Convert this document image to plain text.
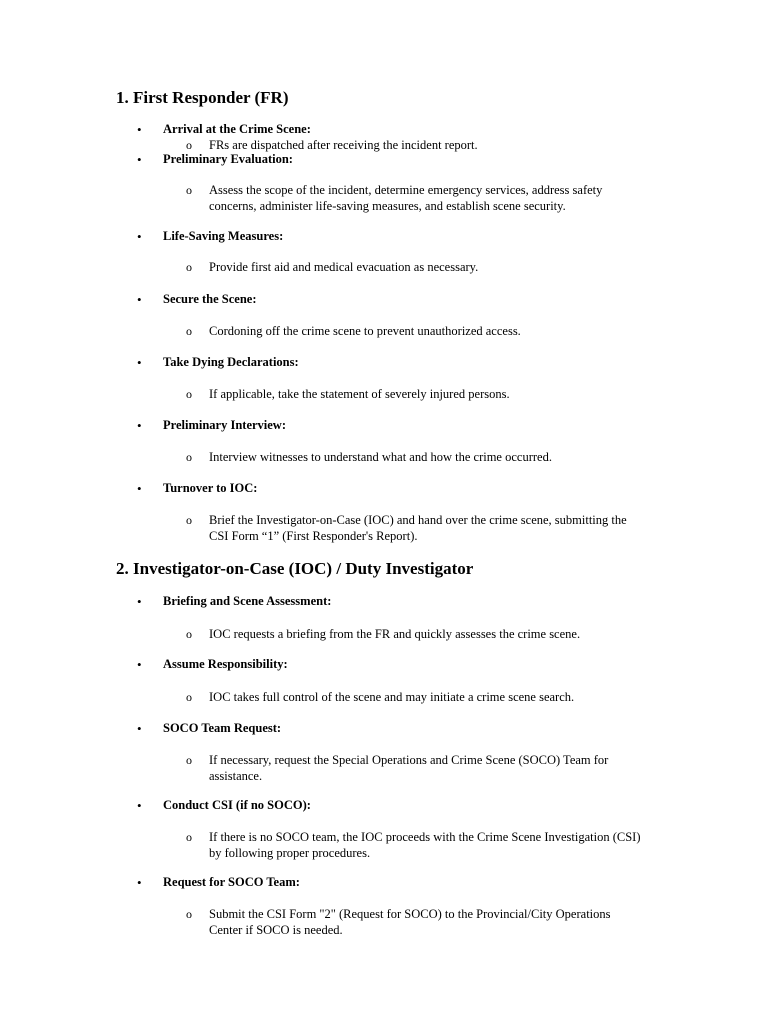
1. First Responder (FR)
• Arrival at the Crime Scene:
o FRs are dispatched after receiving the incident report.
• Preliminary Evaluation:
o Assess the scope of the incident, determine emergency services, address safety concerns, administer life-saving measures, and establish scene security.
• Life-Saving Measures:
o Provide first aid and medical evacuation as necessary.
• Secure the Scene:
o Cordoning off the crime scene to prevent unauthorized access.
• Take Dying Declarations:
o If applicable, take the statement of severely injured persons.
• Preliminary Interview:
o Interview witnesses to understand what and how the crime occurred.
• Turnover to IOC:
o Brief the Investigator-on-Case (IOC) and hand over the crime scene, submitting the CSI Form “1” (First Responder's Report).
2. Investigator-on-Case (IOC) / Duty Investigator
• Briefing and Scene Assessment:
o IOC requests a briefing from the FR and quickly assesses the crime scene.
• Assume Responsibility:
o IOC takes full control of the scene and may initiate a crime scene search.
• SOCO Team Request:
o If necessary, request the Special Operations and Crime Scene (SOCO) Team for assistance.
• Conduct CSI (if no SOCO):
o If there is no SOCO team, the IOC proceeds with the Crime Scene Investigation (CSI) by following proper procedures.
• Request for SOCO Team:
o Submit the CSI Form "2" (Request for SOCO) to the Provincial/City Operations Center if SOCO is needed.
